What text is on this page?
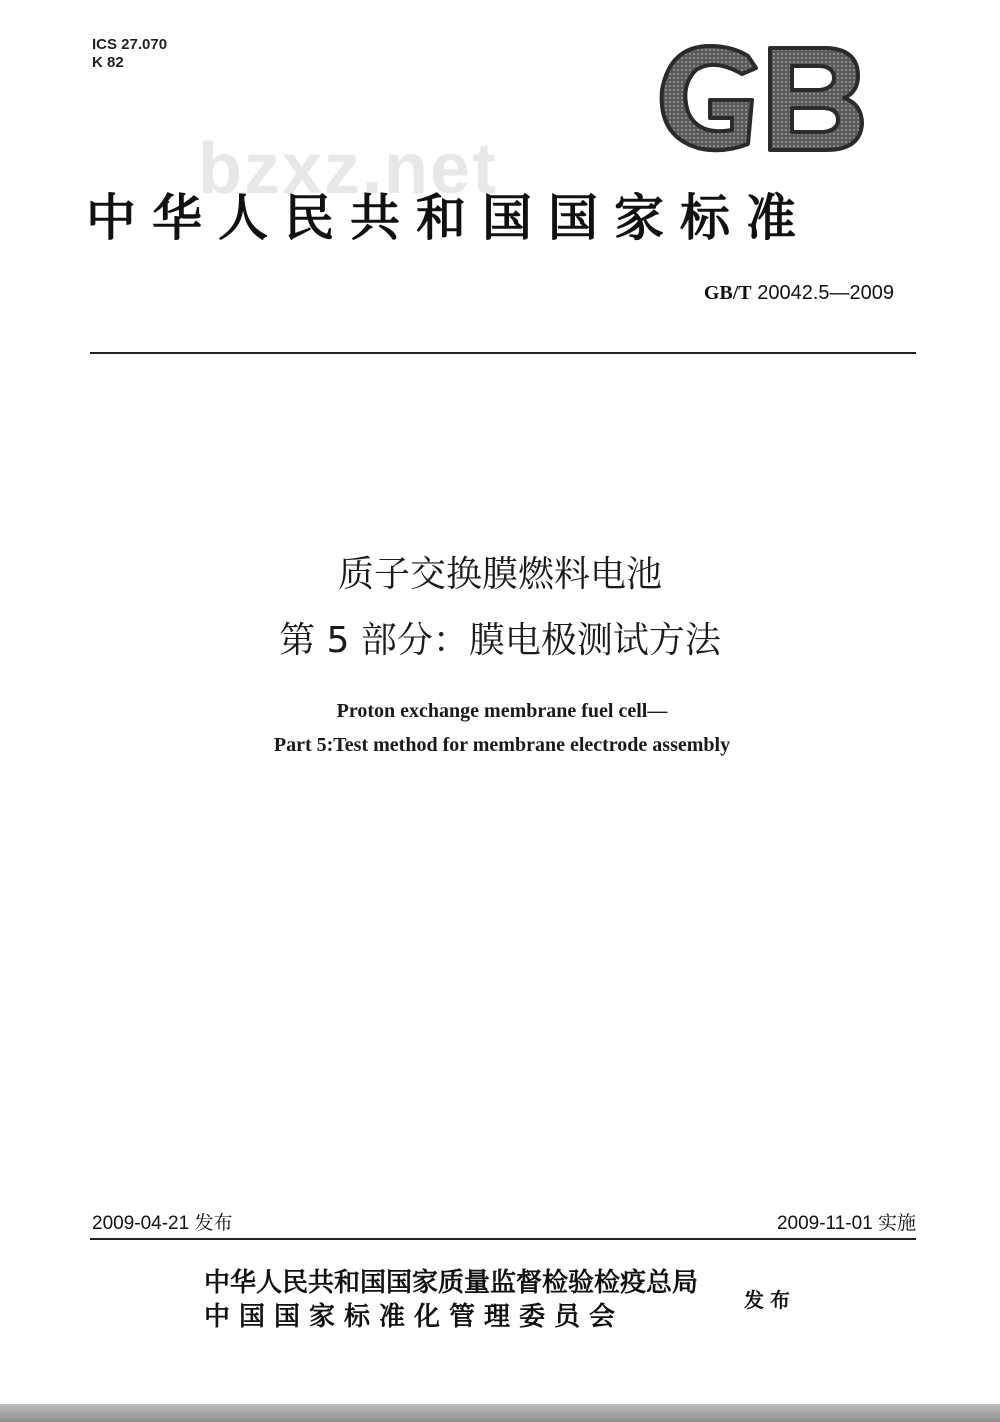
ICS 27.070
K 82
bzxz.net
中华人民共和国国家标准
GB/T 20042.5—2009
质子交换膜燃料电池
第 5 部分：膜电极测试方法
Proton exchange membrane fuel cell—
Part 5:Test method for membrane electrode assembly
2009-04-21 发布	2009-11-01 实施
中华人民共和国国家质量监督检验检疫总局
中国国家标准化管理委员会
发布
